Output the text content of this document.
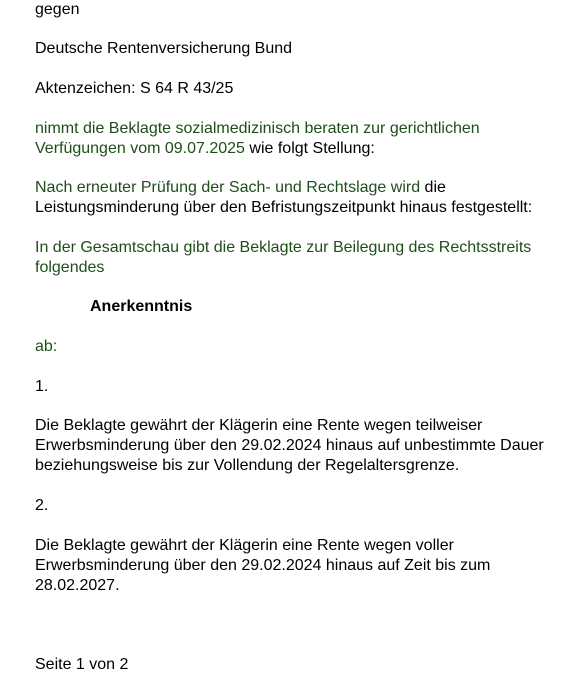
gegen
Deutsche Rentenversicherung Bund
Aktenzeichen: S 64 R 43/25
nimmt die Beklagte sozialmedizinisch beraten zur gerichtlichen
Verfügungen vom 09.07.2025 wie folgt Stellung:
Nach erneuter Prüfung der Sach- und Rechtslage wird die
Leistungsminderung über den Befristungszeitpunkt hinaus festgestellt:
In der Gesamtschau gibt die Beklagte zur Beilegung des Rechtsstreits
folgendes
Anerkenntnis
ab:
1.
Die Beklagte gewährt der Klägerin eine Rente wegen teilweiser
Erwerbsminderung über den 29.02.2024 hinaus auf unbestimmte Dauer
beziehungsweise bis zur Vollendung der Regelaltersgrenze.
2.
Die Beklagte gewährt der Klägerin eine Rente wegen voller
Erwerbsminderung über den 29.02.2024 hinaus auf Zeit bis zum
28.02.2027.
Seite 1 von 2
